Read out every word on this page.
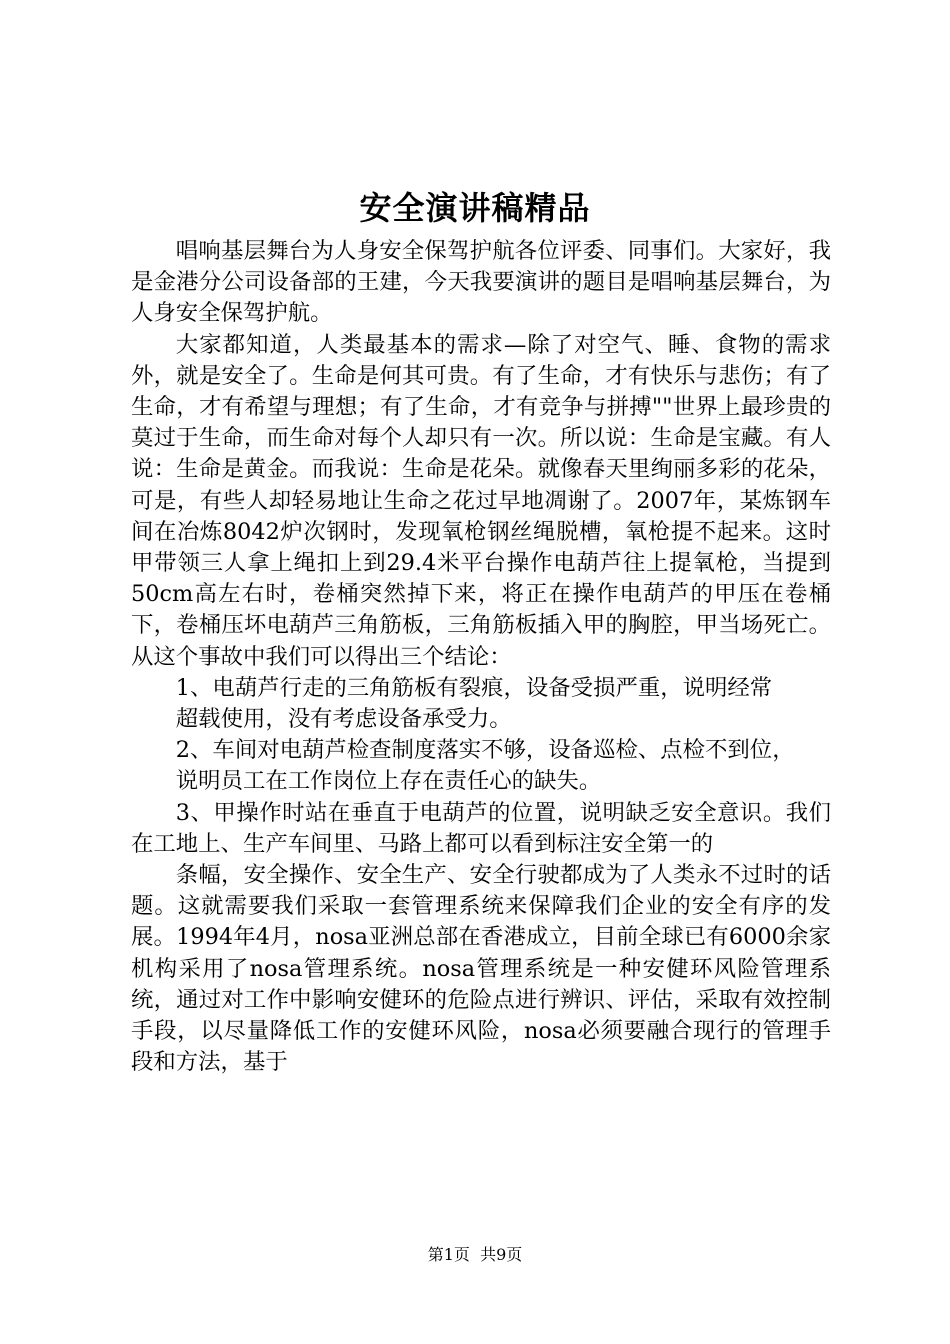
安全演讲稿精品

唱响基层舞台为人身安全保驾护航各位评委、同事们。大家好，我是金港分公司设备部的王建，今天我要演讲的题目是唱响基层舞台，为人身安全保驾护航。

大家都知道，人类最基本的需求—除了对空气、睡、食物的需求外，就是安全了。生命是何其可贵。有了生命，才有快乐与悲伤；有了生命，才有希望与理想；有了生命，才有竞争与拼搏""世界上最珍贵的莫过于生命，而生命对每个人却只有一次。所以说：生命是宝藏。有人说：生命是黄金。而我说：生命是花朵。就像春天里绚丽多彩的花朵，可是，有些人却轻易地让生命之花过早地凋谢了。2007年，某炼钢车间在冶炼8042炉次钢时，发现氧枪钢丝绳脱槽，氧枪提不起来。这时甲带领三人拿上绳扣上到29.4米平台操作电葫芦往上提氧枪，当提到50cm高左右时，卷桶突然掉下来，将正在操作电葫芦的甲压在卷桶下，卷桶压坏电葫芦三角筋板，三角筋板插入甲的胸腔，甲当场死亡。从这个事故中我们可以得出三个结论：

1、电葫芦行走的三角筋板有裂痕，设备受损严重，说明经常

超载使用，没有考虑设备承受力。

2、车间对电葫芦检查制度落实不够，设备巡检、点检不到位，

说明员工在工作岗位上存在责任心的缺失。

3、甲操作时站在垂直于电葫芦的位置，说明缺乏安全意识。我们在工地上、生产车间里、马路上都可以看到标注安全第一的

条幅，安全操作、安全生产、安全行驶都成为了人类永不过时的话题。这就需要我们采取一套管理系统来保障我们企业的安全有序的发展。1994年4月，nosa亚洲总部在香港成立，目前全球已有6000余家机构采用了nosa管理系统。nosa管理系统是一种安健环风险管理系统，通过对工作中影响安健环的危险点进行辨识、评估，采取有效控制手段，以尽量降低工作的安健环风险，nosa必须要融合现行的管理手段和方法，基于

第1页 共9页
